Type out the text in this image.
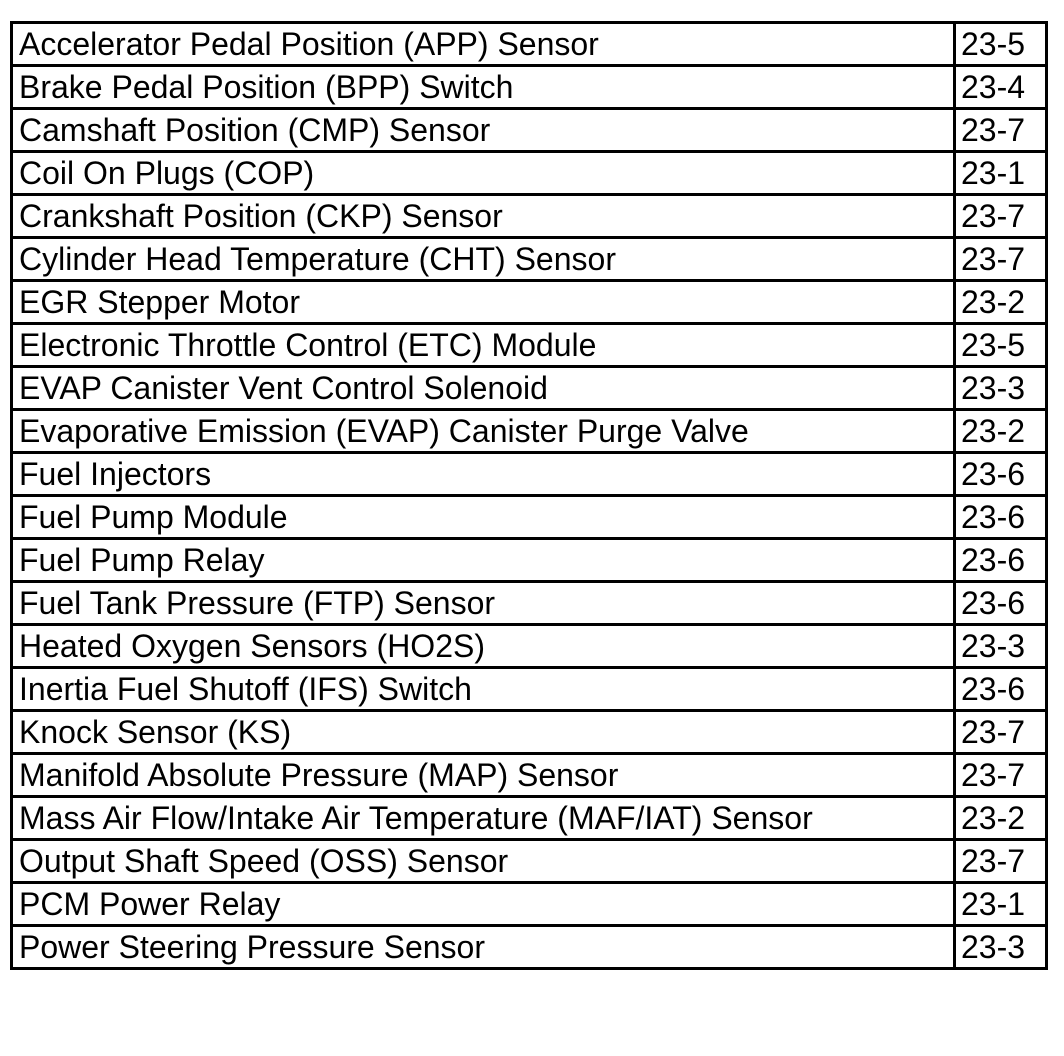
Accelerator Pedal Position (APP) Sensor	23-5
Brake Pedal Position (BPP) Switch	23-4
Camshaft Position (CMP) Sensor	23-7
Coil On Plugs (COP)	23-1
Crankshaft Position (CKP) Sensor	23-7
Cylinder Head Temperature (CHT) Sensor	23-7
EGR Stepper Motor	23-2
Electronic Throttle Control (ETC) Module	23-5
EVAP Canister Vent Control Solenoid	23-3
Evaporative Emission (EVAP) Canister Purge Valve	23-2
Fuel Injectors	23-6
Fuel Pump Module	23-6
Fuel Pump Relay	23-6
Fuel Tank Pressure (FTP) Sensor	23-6
Heated Oxygen Sensors (HO2S)	23-3
Inertia Fuel Shutoff (IFS) Switch	23-6
Knock Sensor (KS)	23-7
Manifold Absolute Pressure (MAP) Sensor	23-7
Mass Air Flow/Intake Air Temperature (MAF/IAT) Sensor	23-2
Output Shaft Speed (OSS) Sensor	23-7
PCM Power Relay	23-1
Power Steering Pressure Sensor	23-3
